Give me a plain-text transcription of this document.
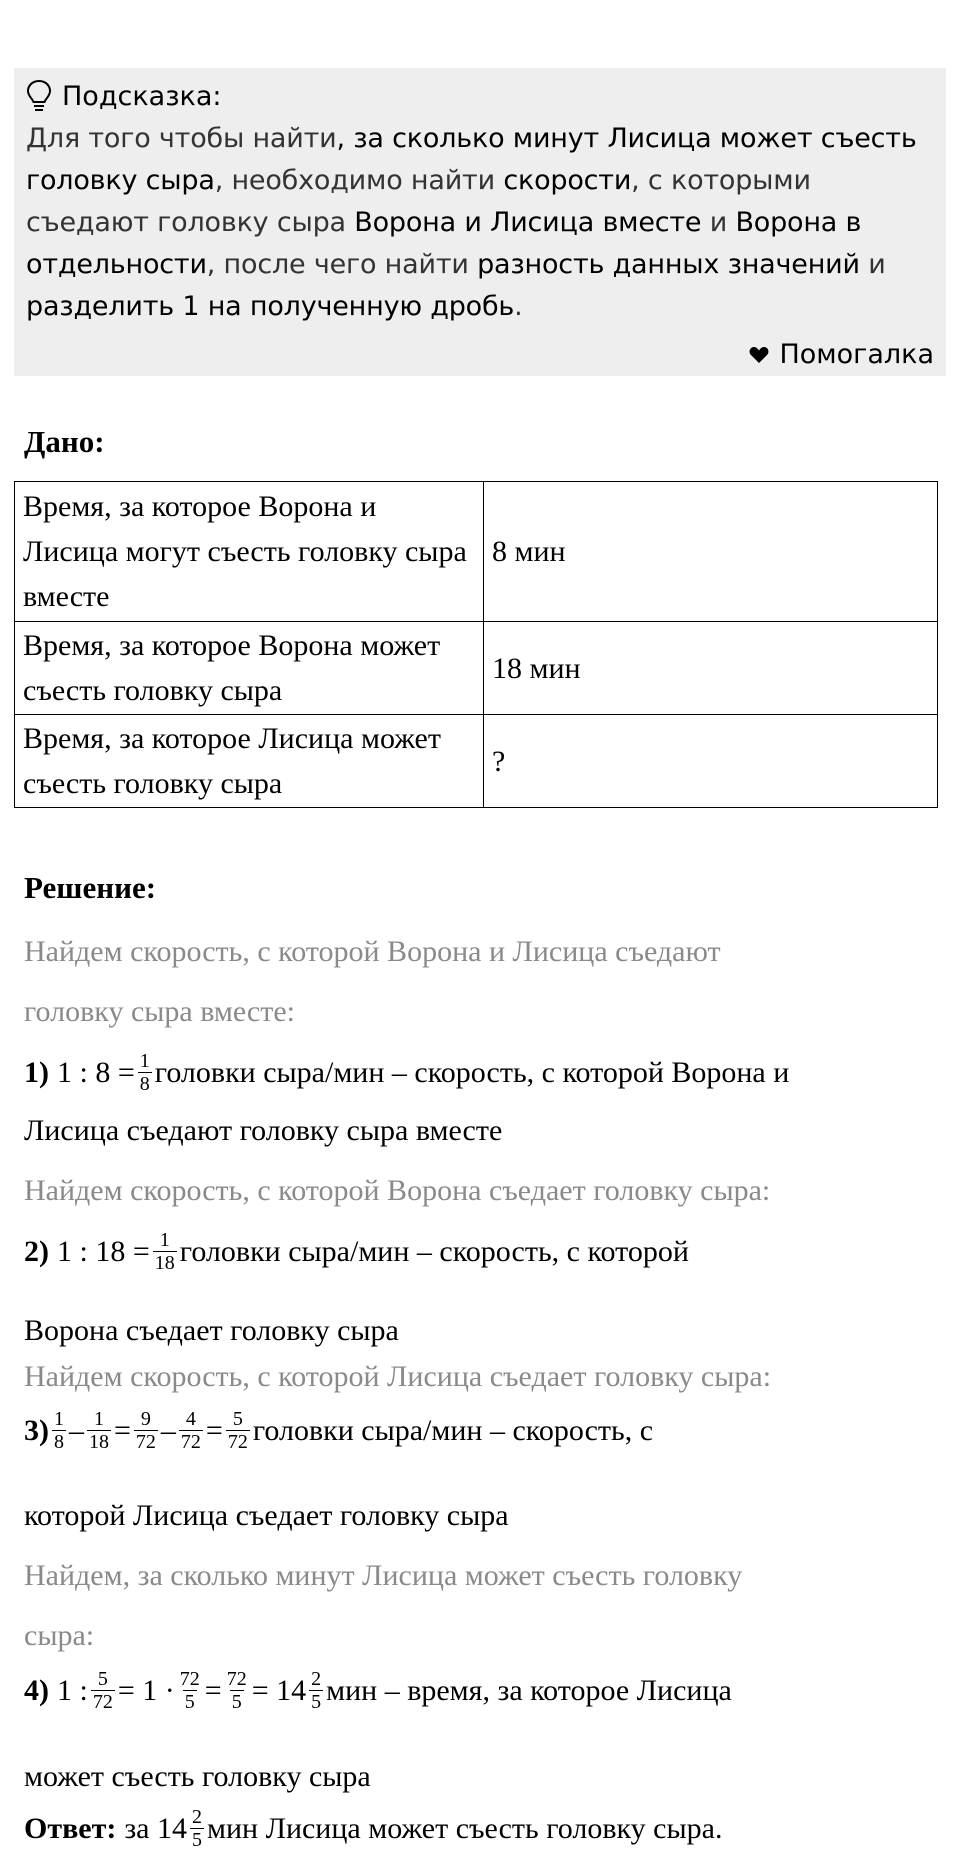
Подсказка:
Для того чтобы найти, за сколько минут Лисица может съесть головку сыра, необходимо найти скорости, с которыми съедают головку сыра Ворона и Лисица вместе и Ворона в отдельности, после чего найти разность данных значений и разделить 1 на полученную дробь.
Помогалка
Дано:
Время, за которое Ворона и Лисица могут съесть головку сыра вместе	8 мин
Время, за которое Ворона может съесть головку сыра	18 мин
Время, за которое Лисица может съесть головку сыра	?
Решение:
Найдем скорость, с которой Ворона и Лисица съедают
головку сыра вместе:
1) 1 : $8 = \frac{1}{8}$ головки сыра/мин – скорость, с которой Ворона и
Лисица съедают головку сыра вместе
Найдем скорость, с которой Ворона съедает головку сыра:
2) 1 : $18 = \frac{1}{18}$ головки сыра/мин – скорость, с которой
Ворона съедает головку сыра
Найдем скорость, с которой Лисица съедает головку сыра:
$3) \frac{1}{8} - \frac{1}{18} = \frac{9}{72} - \frac{4}{72} = \frac{5}{72}$ головки сыра/мин – скорость, с
которой Лисица съедает головку сыра
Найдем, за сколько минут Лисица может съесть головку
сыра:
4) 1 : $\frac{5}{72} = 1 \cdot \frac{72}{5} = \frac{72}{5} = 14 \frac{2}{5}$ мин – время, за которое Лисица
может съесть головку сыра
Ответ: за $14 \frac{2}{5}$ мин Лисица может съесть головку сыра.
